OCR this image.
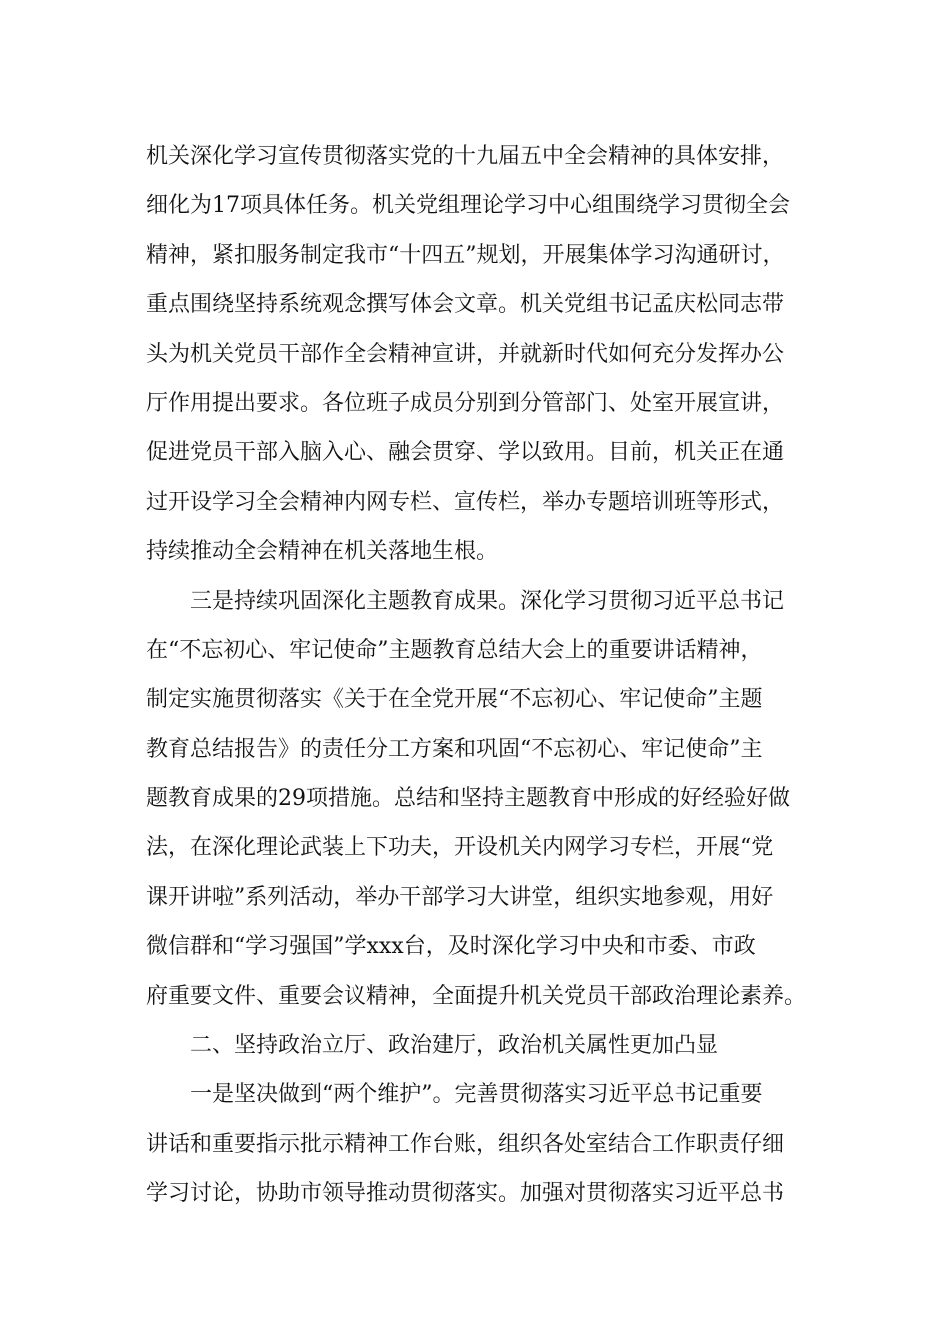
机关深化学习宣传贯彻落实党的十九届五中全会精神的具体安排，
细化为17项具体任务。机关党组理论学习中心组围绕学习贯彻全会
精神，紧扣服务制定我市“十四五”规划，开展集体学习沟通研讨，
重点围绕坚持系统观念撰写体会文章。机关党组书记孟庆松同志带
头为机关党员干部作全会精神宣讲，并就新时代如何充分发挥办公
厅作用提出要求。各位班子成员分别到分管部门、处室开展宣讲，
促进党员干部入脑入心、融会贯穿、学以致用。目前，机关正在通
过开设学习全会精神内网专栏、宣传栏，举办专题培训班等形式，
持续推动全会精神在机关落地生根。
三是持续巩固深化主题教育成果。深化学习贯彻习近平总书记
在“不忘初心、牢记使命”主题教育总结大会上的重要讲话精神，
制定实施贯彻落实《关于在全党开展“不忘初心、牢记使命”主题
教育总结报告》的责任分工方案和巩固“不忘初心、牢记使命”主
题教育成果的29项措施。总结和坚持主题教育中形成的好经验好做
法，在深化理论武装上下功夫，开设机关内网学习专栏，开展“党
课开讲啦”系列活动，举办干部学习大讲堂，组织实地参观，用好
微信群和“学习强国”学xxx台，及时深化学习中央和市委、市政
府重要文件、重要会议精神，全面提升机关党员干部政治理论素养。
二、坚持政治立厅、政治建厅，政治机关属性更加凸显
一是坚决做到“两个维护”。完善贯彻落实习近平总书记重要
讲话和重要指示批示精神工作台账，组织各处室结合工作职责仔细
学习讨论，协助市领导推动贯彻落实。加强对贯彻落实习近平总书
